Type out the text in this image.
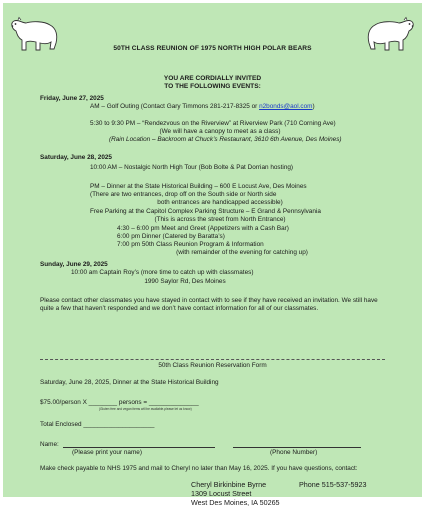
50TH CLASS REUNION OF 1975 NORTH HIGH POLAR BEARS
YOU ARE CORDIALLY INVITED
TO THE FOLLOWING EVENTS:
Friday, June 27, 2025
AM – Golf Outing (Contact Gary Timmons 281-217-8325 or n2bonds@aol.com)
5:30 to 9:30 PM – “Rendezvous on the Riverview” at Riverview Park (710 Corning Ave)
(We will have a canopy to meet as a class)
(Rain Location – Backroom at Chuck’s Restaurant, 3610 6th Avenue, Des Moines)
Saturday, June 28, 2025
10:00 AM – Nostalgic North High Tour (Bob Bolte & Pat Dorrian hosting)
PM – Dinner at the State Historical Building – 600 E Locust Ave, Des Moines
(There are two entrances, drop off on the South side or North side
both entrances are handicapped accessible)
Free Parking at the Capitol Complex Parking Structure – E Grand & Pennsylvania
(This is across the street from North Entrance)
4:30 – 6:00 pm Meet and Greet (Appetizers with a Cash Bar)
6:00 pm Dinner (Catered by Baratta’s)
7:00 pm 50th Class Reunion Program & Information
(with remainder of the evening for catching up)
Sunday, June 29, 2025
10:00 am Captain Roy’s (more time to catch up with classmates)
1990 Saylor Rd, Des Moines
Please contact other classmates you have stayed in contact with to see if they have received an invitation. We still have quite a few that haven’t responded and we don’t have contact information for all of our classmates.
50th Class Reunion Reservation Form
Saturday, June 28, 2025, Dinner at the State Historical Building
$75.00/person X ________ persons = ______________
(Gluten free and vegan items will be available-please let us know)
Total Enclosed ____________________
Name:
(Please print your name)	(Phone Number)
Make check payable to NHS 1975 and mail to Cheryl no later than May 16, 2025. If you have questions, contact:
Cheryl Birkinbine Byrne	Phone 515-537-5923
1309 Locust Street
West Des Moines, IA 50265
